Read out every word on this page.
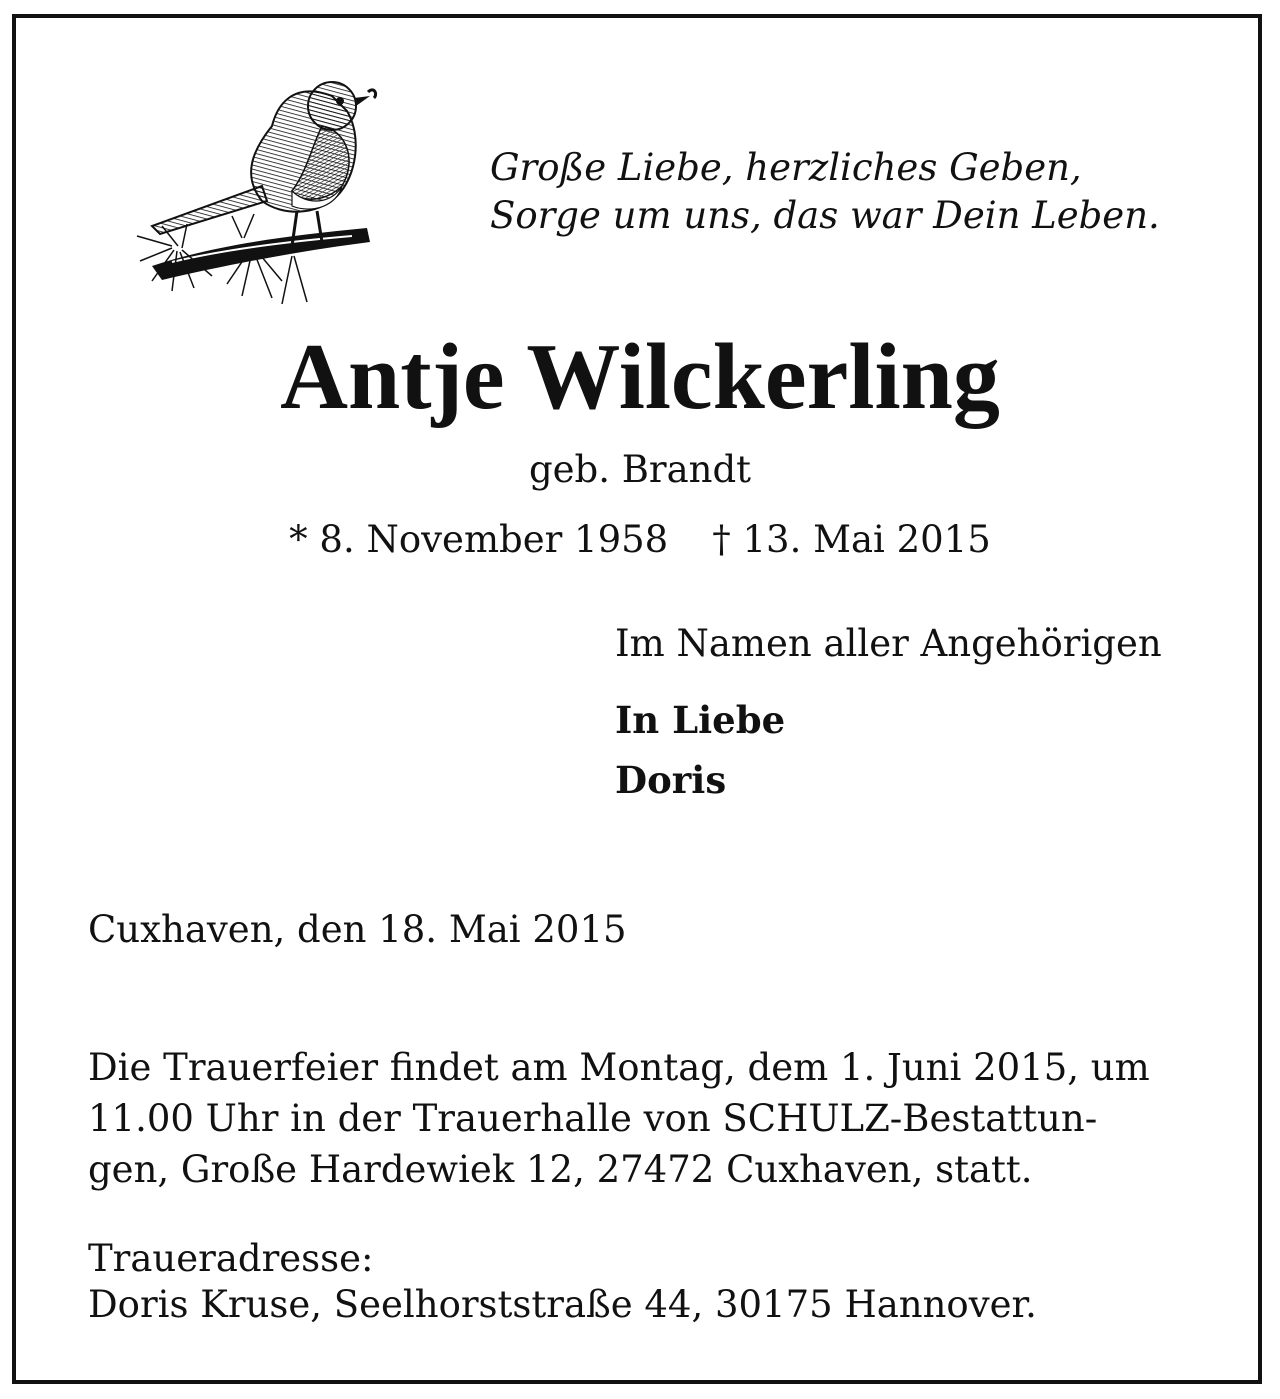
Große Liebe, herzliches Geben,
Sorge um uns, das war Dein Leben.
Antje Wilckerling
geb. Brandt
* 8. November 1958 † 13. Mai 2015
Im Namen aller Angehörigen
In Liebe
Doris
Cuxhaven, den 18. Mai 2015
Die Trauerfeier findet am Montag, dem 1. Juni 2015, um
11.00 Uhr in der Trauerhalle von SCHULZ-Bestattun-
gen, Große Hardewiek 12, 27472 Cuxhaven, statt.
Traueradresse:
Doris Kruse, Seelhorststraße 44, 30175 Hannover.
